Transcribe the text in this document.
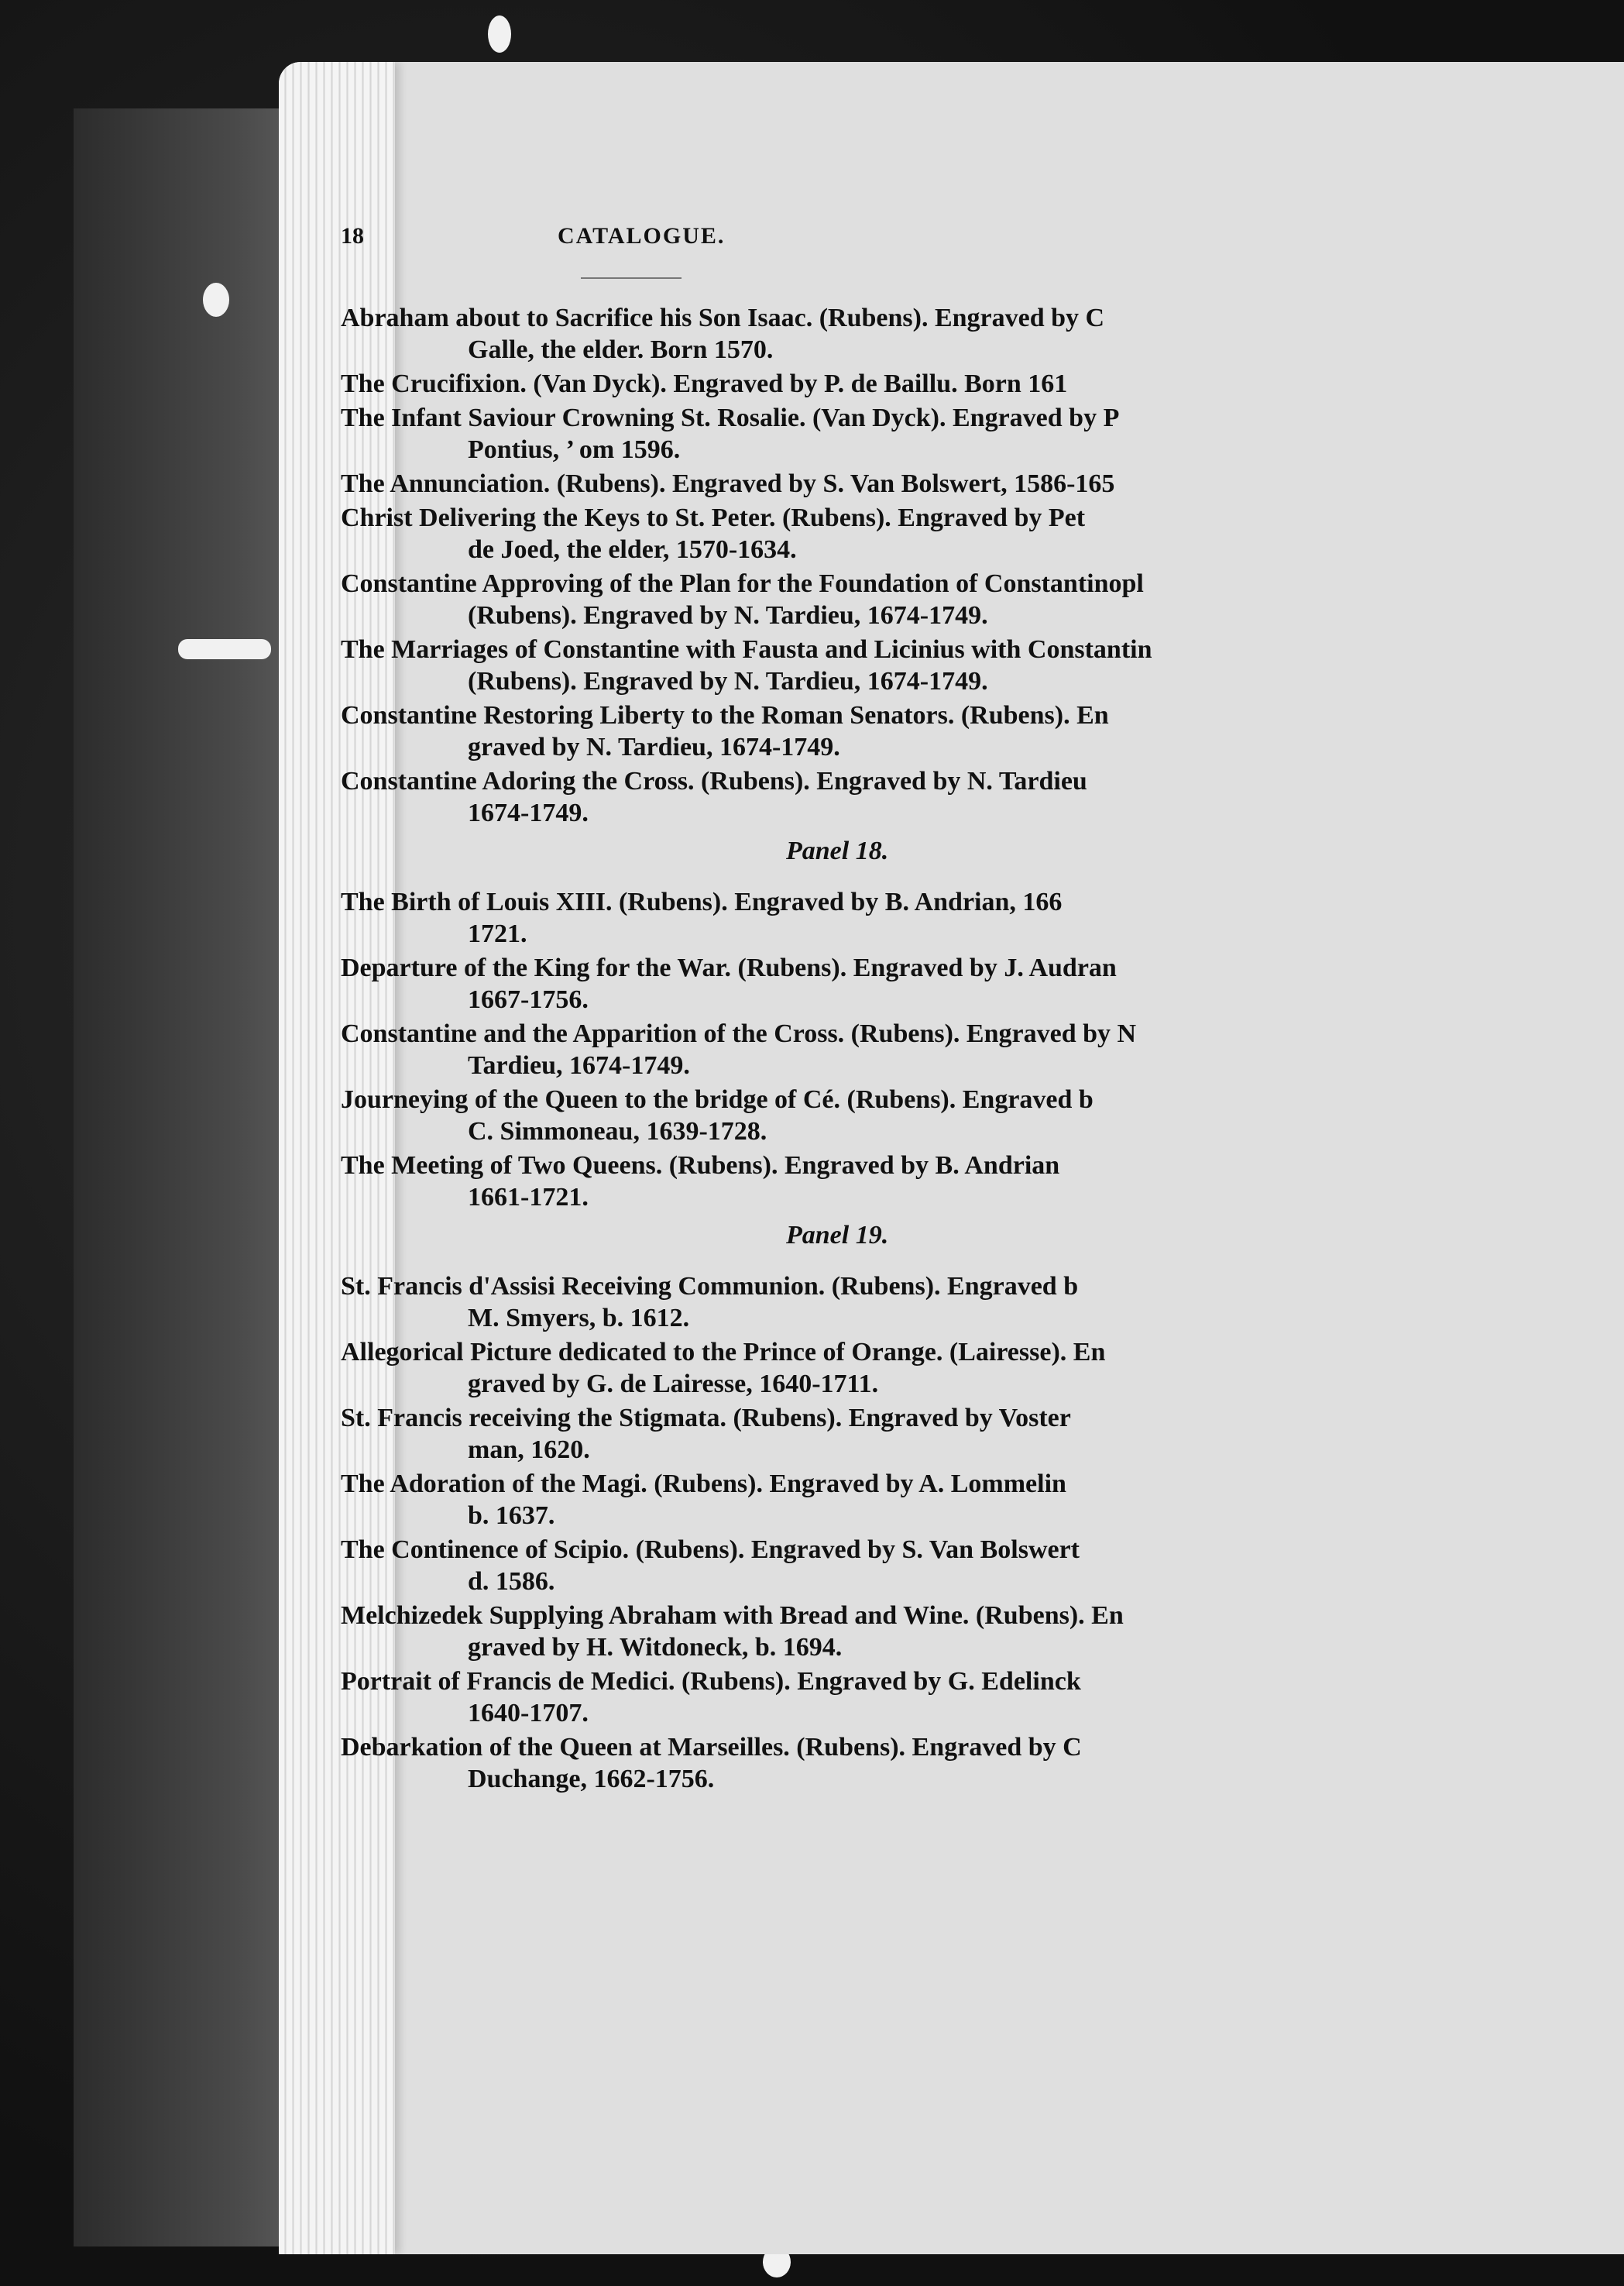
18	CATALOGUE.
Abraham about to Sacrifice his Son Isaac. (Rubens). Engraved by C
Galle, the elder. Born 1570.
The Crucifixion. (Van Dyck). Engraved by P. de Baillu. Born 161
The Infant Saviour Crowning St. Rosalie. (Van Dyck). Engraved by P
Pontius, ’ om 1596.
The Annunciation. (Rubens). Engraved by S. Van Bolswert, 1586-165
Christ Delivering the Keys to St. Peter. (Rubens). Engraved by Pet
de Joed, the elder, 1570-1634.
Constantine Approving of the Plan for the Foundation of Constantinopl
(Rubens). Engraved by N. Tardieu, 1674-1749.
The Marriages of Constantine with Fausta and Licinius with Constantin
(Rubens). Engraved by N. Tardieu, 1674-1749.
Constantine Restoring Liberty to the Roman Senators. (Rubens). En
graved by N. Tardieu, 1674-1749.
Constantine Adoring the Cross. (Rubens). Engraved by N. Tardieu
1674-1749.
Panel 18.
The Birth of Louis XIII. (Rubens). Engraved by B. Andrian, 166
1721.
Departure of the King for the War. (Rubens). Engraved by J. Audran
1667-1756.
Constantine and the Apparition of the Cross. (Rubens). Engraved by N
Tardieu, 1674-1749.
Journeying of the Queen to the bridge of Cé. (Rubens). Engraved b
C. Simmoneau, 1639-1728.
The Meeting of Two Queens. (Rubens). Engraved by B. Andrian
1661-1721.
Panel 19.
St. Francis d'Assisi Receiving Communion. (Rubens). Engraved b
M. Smyers, b. 1612.
Allegorical Picture dedicated to the Prince of Orange. (Lairesse). En
graved by G. de Lairesse, 1640-1711.
St. Francis receiving the Stigmata. (Rubens). Engraved by Voster
man, 1620.
The Adoration of the Magi. (Rubens). Engraved by A. Lommelin
b. 1637.
The Continence of Scipio. (Rubens). Engraved by S. Van Bolswert
d. 1586.
Melchizedek Supplying Abraham with Bread and Wine. (Rubens). En
graved by H. Witdoneck, b. 1694.
Portrait of Francis de Medici. (Rubens). Engraved by G. Edelinck
1640-1707.
Debarkation of the Queen at Marseilles. (Rubens). Engraved by C
Duchange, 1662-1756.
